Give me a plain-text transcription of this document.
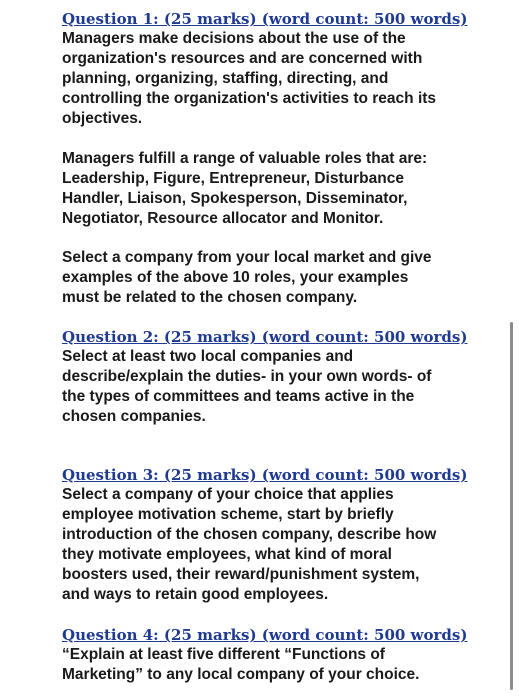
Question 1: (25 marks) (word count: 500 words)
Managers make decisions about the use of the
organization's resources and are concerned with
planning, organizing, staffing, directing, and
controlling the organization's activities to reach its
objectives.
Managers fulfill a range of valuable roles that are:
Leadership, Figure, Entrepreneur, Disturbance
Handler, Liaison, Spokesperson, Disseminator,
Negotiator, Resource allocator and Monitor.
Select a company from your local market and give
examples of the above 10 roles, your examples
must be related to the chosen company.
Question 2: (25 marks) (word count: 500 words)
Select at least two local companies and
describe/explain the duties- in your own words- of
the types of committees and teams active in the
chosen companies.
Question 3: (25 marks) (word count: 500 words)
Select a company of your choice that applies
employee motivation scheme, start by briefly
introduction of the chosen company, describe how
they motivate employees, what kind of moral
boosters used, their reward/punishment system,
and ways to retain good employees.
Question 4: (25 marks) (word count: 500 words)
“Explain at least five different “Functions of
Marketing” to any local company of your choice.
